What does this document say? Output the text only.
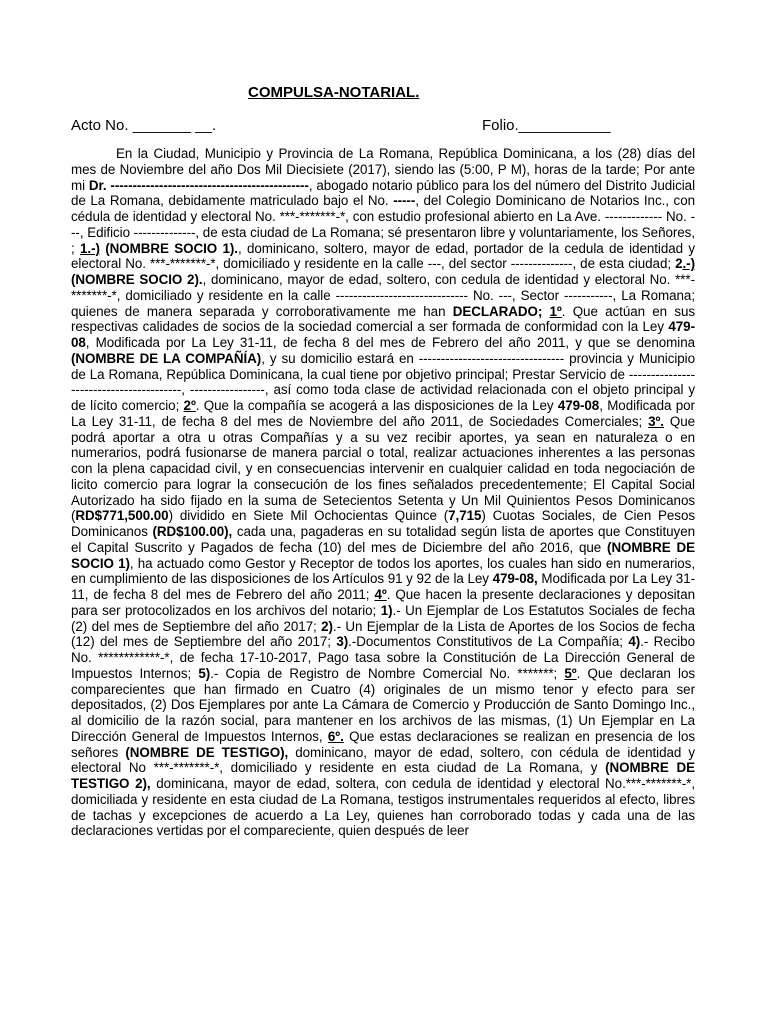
COMPULSA-NOTARIAL.

Acto No. _______ __.	Folio.___________

En la Ciudad, Municipio y Provincia de La Romana, República Dominicana, a los (28) días del mes de Noviembre del año Dos Mil Diecisiete (2017), siendo las (5:00, P M), horas de la tarde; Por ante mi Dr. ---------------------------------------------, abogado notario público para los del número del Distrito Judicial de La Romana, debidamente matriculado bajo el No. -----, del Colegio Dominicano de Notarios Inc., con cédula de identidad y electoral No. ***-*******-*, con estudio profesional abierto en La Ave. ------------- No. ---, Edificio --------------, de esta ciudad de La Romana; sé presentaron libre y voluntariamente, los Señores, ; 1.-) (NOMBRE SOCIO 1)., dominicano, soltero, mayor de edad, portador de la cedula de identidad y electoral No. ***-*******-*, domiciliado y residente en la calle ---, del sector --------------, de esta ciudad; 2.-) (NOMBRE SOCIO 2)., dominicano, mayor de edad, soltero, con cedula de identidad y electoral No. ***-*******-*, domiciliado y residente en la calle ------------------------------ No. ---, Sector -----------, La Romana; quienes de manera separada y corroborativamente me han DECLARADO; 1º. Que actúan en sus respectivas calidades de socios de la sociedad comercial a ser formada de conformidad con la Ley 479-08, Modificada por La Ley 31-11, de fecha 8 del mes de Febrero del año 2011, y que se denomina (NOMBRE DE LA COMPAÑÍA), y su domicilio estará en --------------------------------- provincia y Municipio de La Romana, República Dominicana, la cual tiene por objetivo principal; Prestar Servicio de ----------------------------------------, -----------------, así como toda clase de actividad relacionada con el objeto principal y de lícito comercio; 2º. Que la compañía se acogerá a las disposiciones de la Ley 479-08, Modificada por La Ley 31-11, de fecha 8 del mes de Noviembre del año 2011, de Sociedades Comerciales; 3º. Que podrá aportar a otra u otras Compañías y a su vez recibir aportes, ya sean en naturaleza o en numerarios, podrá fusionarse de manera parcial o total, realizar actuaciones inherentes a las personas con la plena capacidad civil, y en consecuencias intervenir en cualquier calidad en toda negociación de licito comercio para lograr la consecución de los fines señalados precedentemente; El Capital Social Autorizado ha sido fijado en la suma de Setecientos Setenta y Un Mil Quinientos Pesos Dominicanos (RD$771,500.00) dividido en Siete Mil Ochocientas Quince (7,715) Cuotas Sociales, de Cien Pesos Dominicanos (RD$100.00), cada una, pagaderas en su totalidad según lista de aportes que Constituyen el Capital Suscrito y Pagados de fecha (10) del mes de Diciembre del año 2016, que (NOMBRE DE SOCIO 1), ha actuado como Gestor y Receptor de todos los aportes, los cuales han sido en numerarios, en cumplimiento de las disposiciones de los Artículos 91 y 92 de la Ley 479-08, Modificada por La Ley 31-11, de fecha 8 del mes de Febrero del año 2011; 4º. Que hacen la presente declaraciones y depositan para ser protocolizados en los archivos del notario; 1).- Un Ejemplar de Los Estatutos Sociales de fecha (2) del mes de Septiembre del año 2017; 2).- Un Ejemplar de la Lista de Aportes de los Socios de fecha (12) del mes de Septiembre del año 2017; 3).-Documentos Constitutivos de La Compañía; 4).- Recibo No. ************-*, de fecha 17-10-2017, Pago tasa sobre la Constitución de La Dirección General de Impuestos Internos; 5).- Copia de Registro de Nombre Comercial No. *******; 5º. Que declaran los comparecientes que han firmado en Cuatro (4) originales de un mismo tenor y efecto para ser depositados, (2) Dos Ejemplares por ante La Cámara de Comercio y Producción de Santo Domingo Inc., al domicilio de la razón social, para mantener en los archivos de las mismas, (1) Un Ejemplar en La Dirección General de Impuestos Internos, 6º. Que estas declaraciones se realizan en presencia de los señores (NOMBRE DE TESTIGO), dominicano, mayor de edad, soltero, con cédula de identidad y electoral No ***-*******-*, domiciliado y residente en esta ciudad de La Romana, y (NOMBRE DE TESTIGO 2), dominicana, mayor de edad, soltera, con cedula de identidad y electoral No.***-*******-*, domiciliada y residente en esta ciudad de La Romana, testigos instrumentales requeridos al efecto, libres de tachas y excepciones de acuerdo a La Ley, quienes han corroborado todas y cada una de las declaraciones vertidas por el compareciente, quien después de leer
